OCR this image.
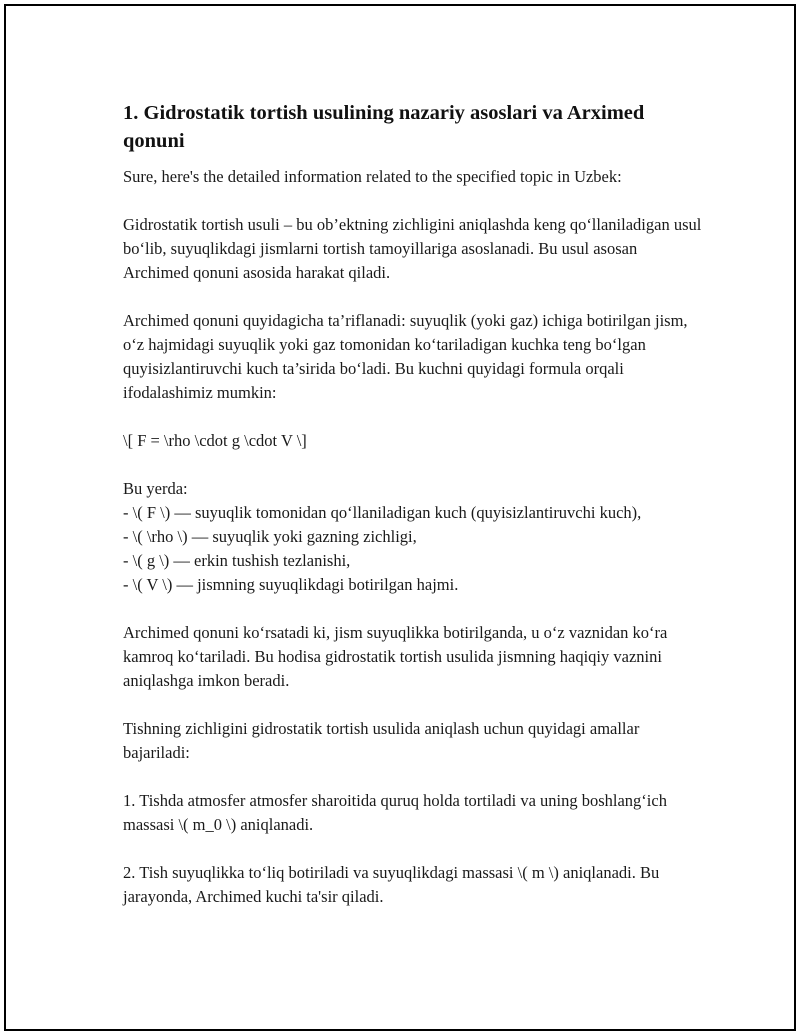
1. Gidrostatik tortish usulining nazariy asoslari va Arximed qonuni

Sure, here's the detailed information related to the specified topic in Uzbek:

Gidrostatik tortish usuli – bu ob’ektning zichligini aniqlashda keng qo‘llaniladigan usul bo‘lib, suyuqlikdagi jismlarni tortish tamoyillariga asoslanadi. Bu usul asosan Archimed qonuni asosida harakat qiladi.

Archimed qonuni quyidagicha ta’riflanadi: suyuqlik (yoki gaz) ichiga botirilgan jism, o‘z hajmidagi suyuqlik yoki gaz tomonidan ko‘tariladigan kuchka teng bo‘lgan quyisizlantiruvchi kuch ta’sirida bo‘ladi. Bu kuchni quyidagi formula orqali ifodalashimiz mumkin:

\[ F = \rho \cdot g \cdot V \]

Bu yerda:

- \( F \) — suyuqlik tomonidan qo‘llaniladigan kuch (quyisizlantiruvchi kuch),
- \( \rho \) — suyuqlik yoki gazning zichligi,
- \( g \) — erkin tushish tezlanishi,
- \( V \) — jismning suyuqlikdagi botirilgan hajmi.

Archimed qonuni ko‘rsatadi ki, jism suyuqlikka botirilganda, u o‘z vaznidan ko‘ra kamroq ko‘tariladi. Bu hodisa gidrostatik tortish usulida jismning haqiqiy vaznini aniqlashga imkon beradi.

Tishning zichligini gidrostatik tortish usulida aniqlash uchun quyidagi amallar bajariladi:

1. Tishda atmosfer atmosfer sharoitida quruq holda tortiladi va uning boshlang‘ich massasi \( m_0 \) aniqlanadi.

2. Tish suyuqlikka to‘liq botiriladi va suyuqlikdagi massasi \( m \) aniqlanadi. Bu jarayonda, Archimed kuchi ta'sir qiladi.
